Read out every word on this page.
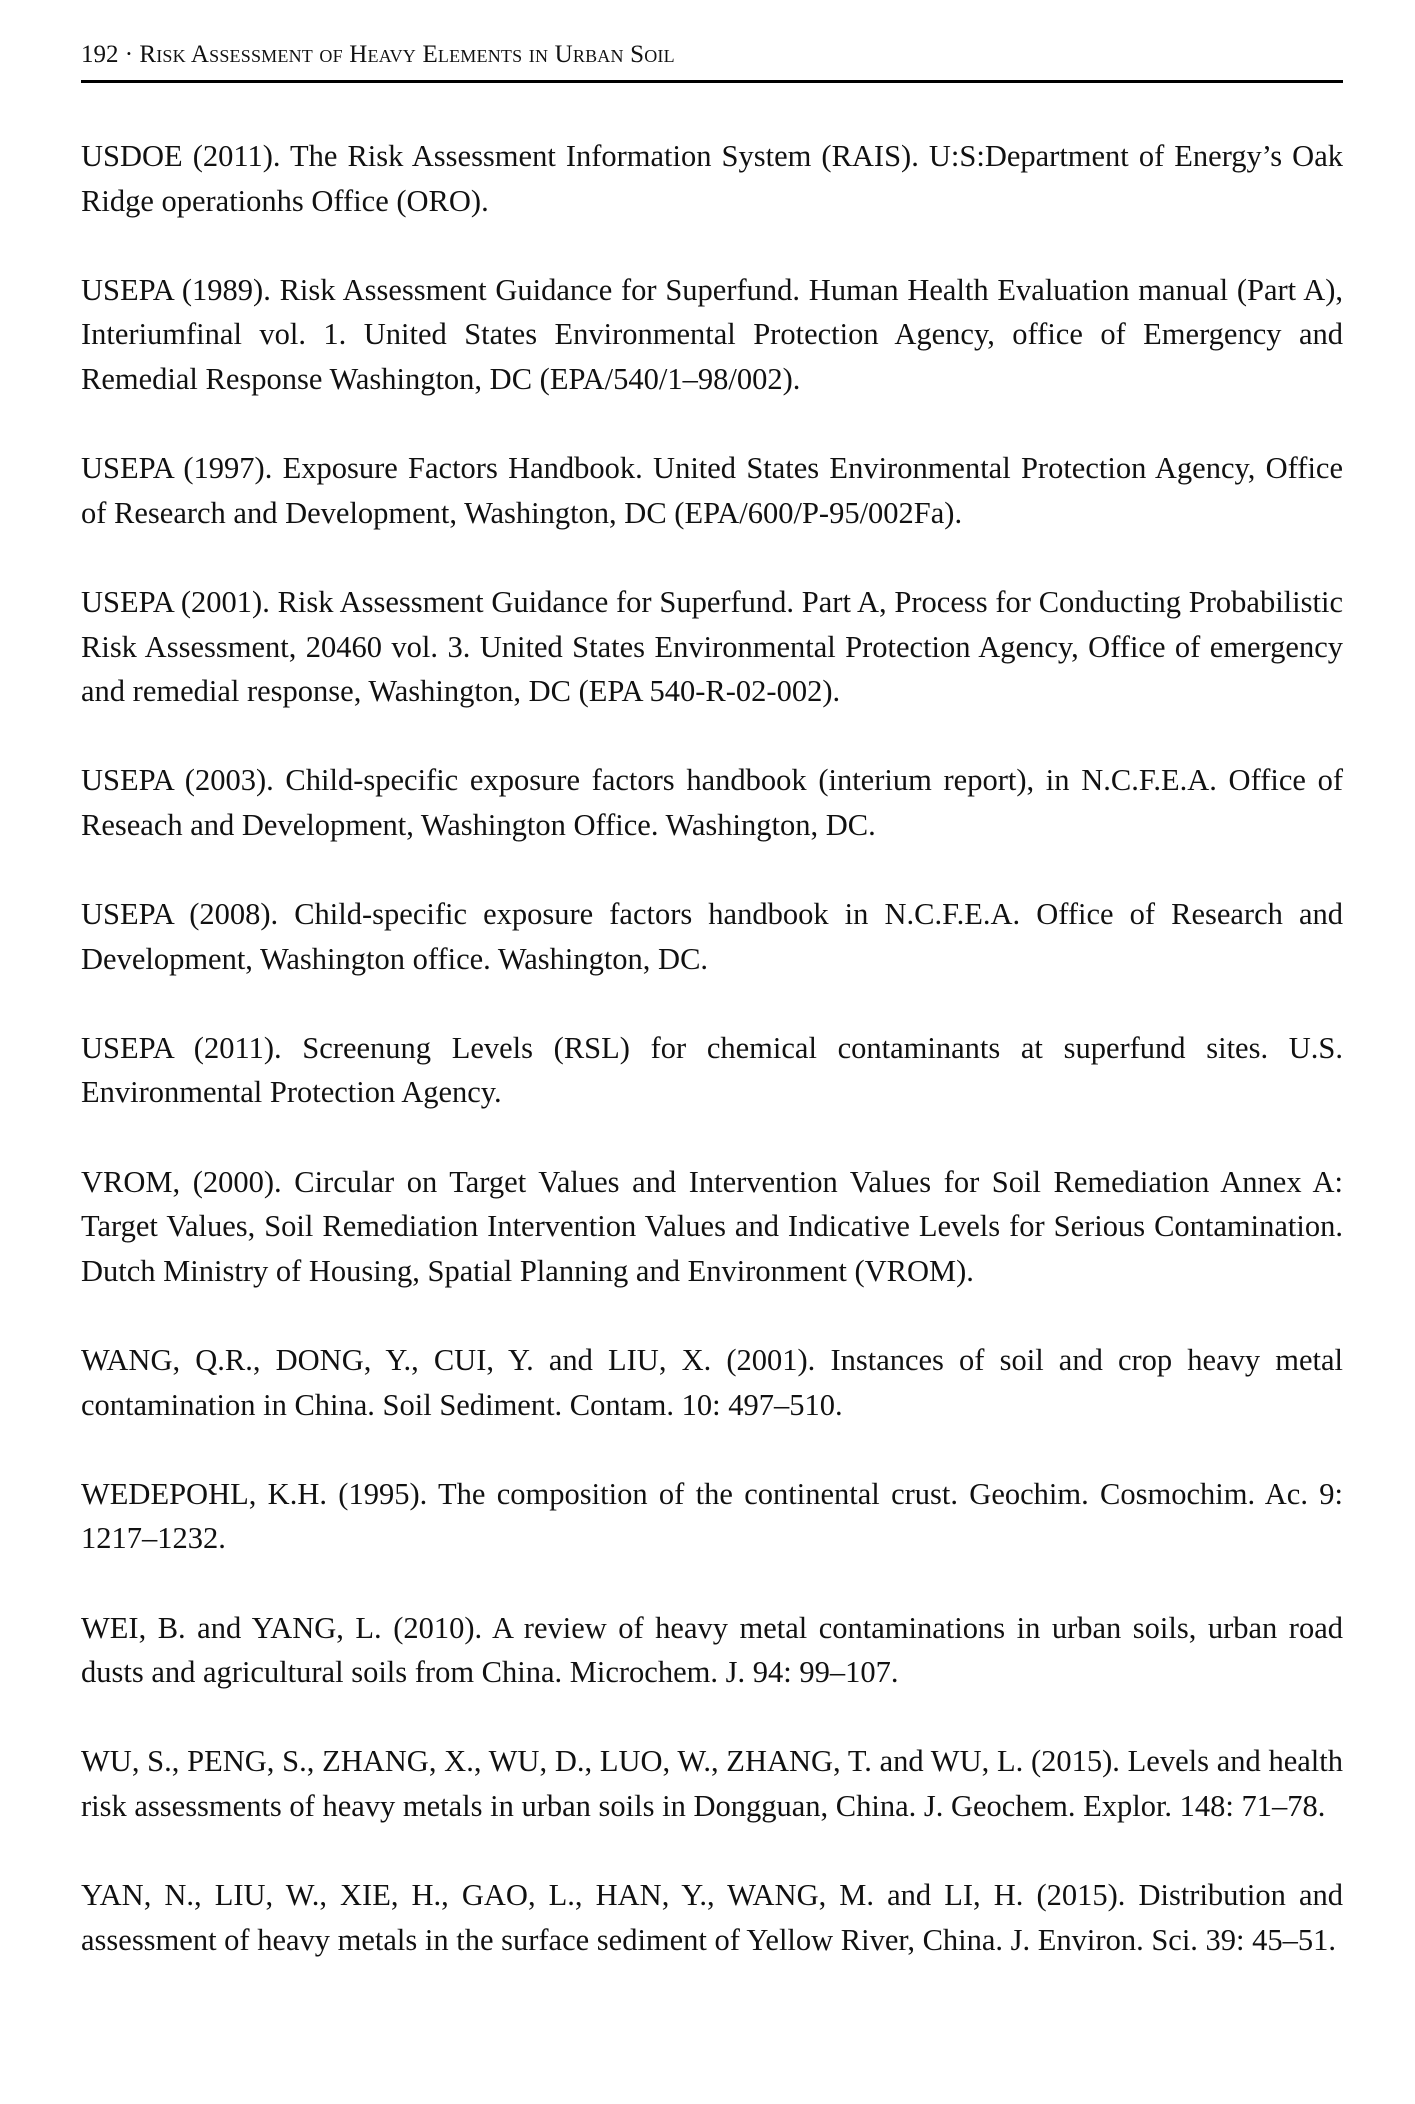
192 · Risk Assessment of Heavy Elements in Urban Soil

USDOE (2011). The Risk Assessment Information System (RAIS). U:S:Department of Energy’s Oak Ridge operationhs Office (ORO).

USEPA (1989). Risk Assessment Guidance for Superfund. Human Health Evaluation manual (Part A), Interiumfinal vol. 1. United States Environmental Protection Agency, office of Emergency and Remedial Response Washington, DC (EPA/540/1–98/002).

USEPA (1997). Exposure Factors Handbook. United States Environmental Protection Agency, Office of Research and Development, Washington, DC (EPA/600/P-95/002Fa).

USEPA (2001). Risk Assessment Guidance for Superfund. Part A, Process for Conducting Probabilistic Risk Assessment, 20460 vol. 3. United States Environmental Protection Agency, Office of emergency and remedial response, Washington, DC (EPA 540-R-02-002).

USEPA (2003). Child-specific exposure factors handbook (interium report), in N.C.F.E.A. Office of Reseach and Development, Washington Office. Washington, DC.

USEPA (2008). Child-specific exposure factors handbook in N.C.F.E.A. Office of Research and Development, Washington office. Washington, DC.

USEPA (2011). Screenung Levels (RSL) for chemical contaminants at superfund sites. U.S. Environmental Protection Agency.

VROM, (2000). Circular on Target Values and Intervention Values for Soil Remediation Annex A: Target Values, Soil Remediation Intervention Values and Indicative Levels for Serious Contamination. Dutch Ministry of Housing, Spatial Planning and Environment (VROM).

WANG, Q.R., DONG, Y., CUI, Y. and LIU, X. (2001). Instances of soil and crop heavy metal contamination in China. Soil Sediment. Contam. 10: 497–510.

WEDEPOHL, K.H. (1995). The composition of the continental crust. Geochim. Cosmochim. Ac. 9: 1217–1232.

WEI, B. and YANG, L. (2010). A review of heavy metal contaminations in urban soils, urban road dusts and agricultural soils from China. Microchem. J. 94: 99–107.

WU, S., PENG, S., ZHANG, X., WU, D., LUO, W., ZHANG, T. and WU, L. (2015). Levels and health risk assessments of heavy metals in urban soils in Dongguan, China. J. Geochem. Explor. 148: 71–78.

YAN, N., LIU, W., XIE, H., GAO, L., HAN, Y., WANG, M. and LI, H. (2015). Distribution and assessment of heavy metals in the surface sediment of Yellow River, China. J. Environ. Sci. 39: 45–51.
